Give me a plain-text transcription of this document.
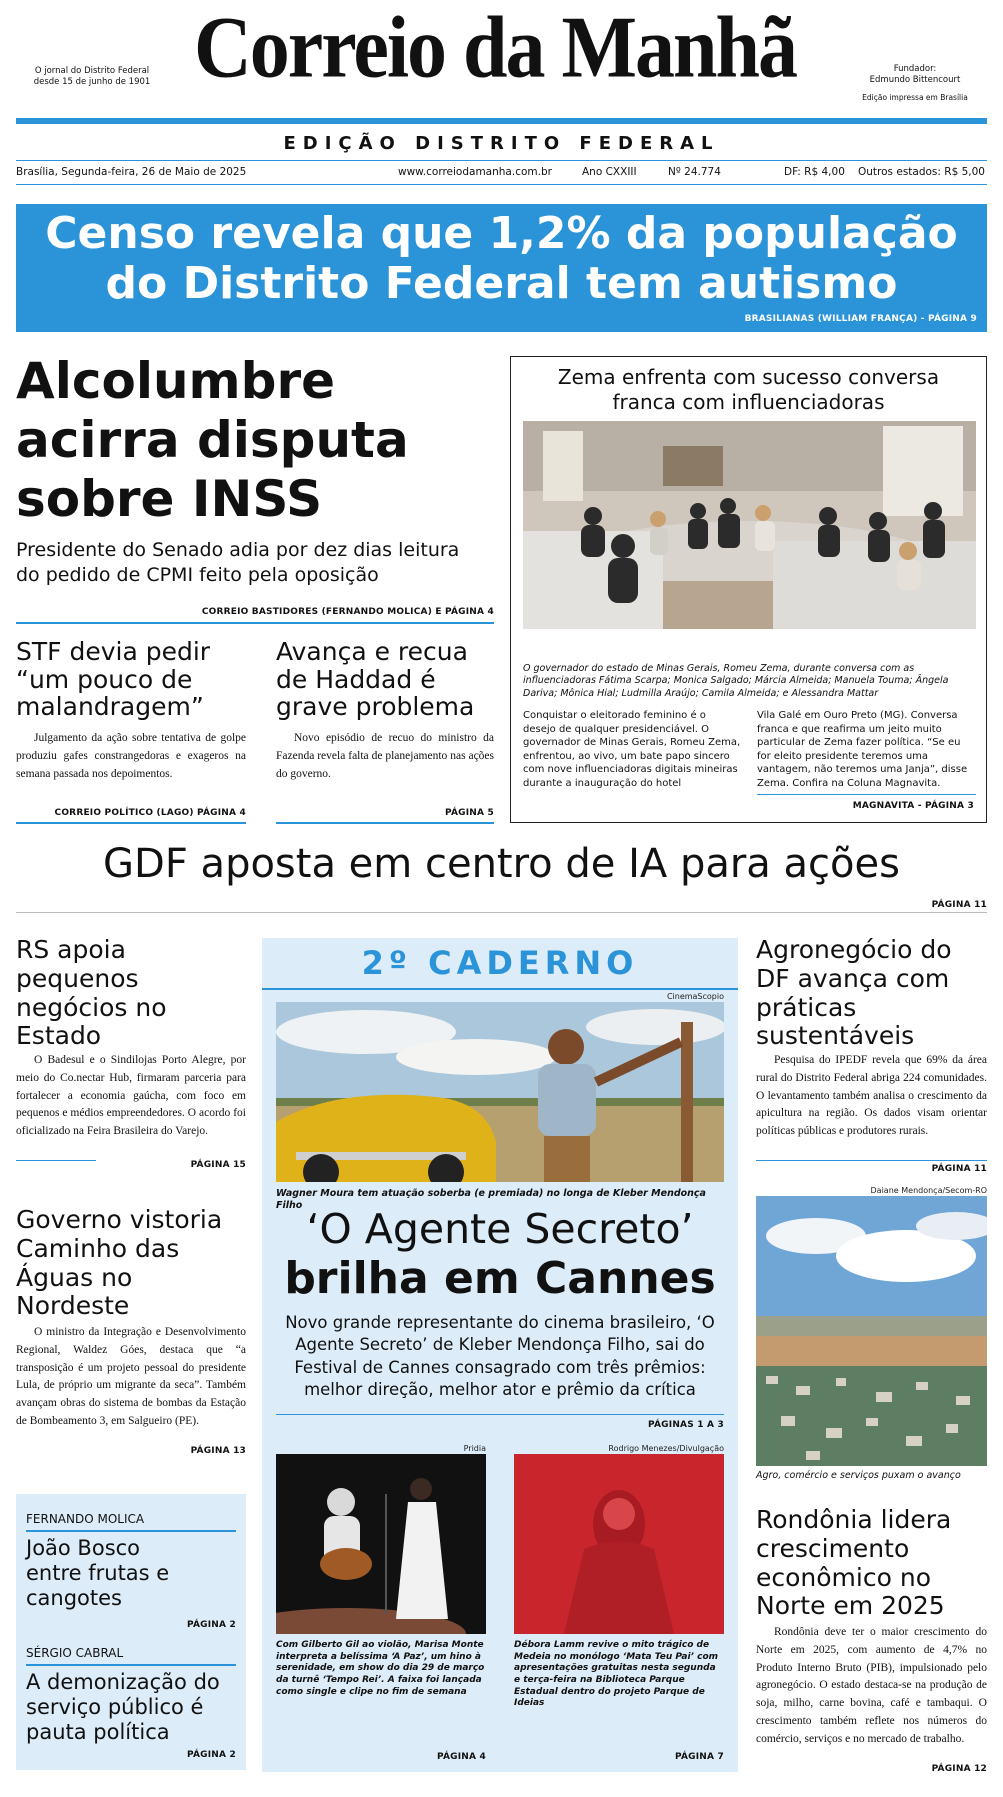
O jornal do Distrito Federal
desde 15 de junho de 1901 Correio da Manhã	Fundador:
Edmundo Bittencourt
Edição impressa em Brasília
EDIÇÃO DISTRITO FEDERAL
Brasília, Segunda-feira, 26 de Maio de 2025	www.correiodamanha.com.br	Ano CXXIII	Nº 24.774	DF: R$ 4,00 Outros estados: R$ 5,00
Censo revela que 1,2% da população
do Distrito Federal tem autismo
BRASILIANAS (WILLIAM FRANÇA) - PÁGINA 9
Alcolumbre
acirra disputa
sobre INSS
Presidente do Senado adia por dez dias leitura do pedido de CPMI feito pela oposição
CORREIO BASTIDORES (FERNANDO MOLICA) E PÁGINA 4
STF devia pedir “um pouco de malandragem”
Julgamento da ação sobre tentativa de golpe produziu gafes constrangedoras e exageros na semana passada nos depoimentos.
CORREIO POLÍTICO (LAGO) PÁGINA 4
Avança e recua de Haddad é grave problema
Novo episódio de recuo do ministro da Fazenda revela falta de planejamento nas ações do governo.
PÁGINA 5
Zema enfrenta com sucesso conversa franca com influenciadoras
O governador do estado de Minas Gerais, Romeu Zema, durante conversa com as influenciadoras Fátima Scarpa; Monica Salgado; Márcia Almeida; Manuela Touma; Ângela Dariva; Mônica Hial; Ludmilla Araújo; Camila Almeida; e Alessandra Mattar
Conquistar o eleitorado feminino é o desejo de qualquer presidenciável. O governador de Minas Gerais, Romeu Zema, enfrentou, ao vivo, um bate papo sincero com nove influenciadoras digitais mineiras durante a inauguração do hotel
Vila Galé em Ouro Preto (MG). Conversa franca e que reafirma um jeito muito particular de Zema fazer política. “Se eu for eleito presidente teremos uma vantagem, não teremos uma Janja”, disse Zema. Confira na Coluna Magnavita.
MAGNAVITA - PÁGINA 3
GDF aposta em centro de IA para ações
PÁGINA 11
RS apoia pequenos negócios no Estado
O Badesul e o Sindilojas Porto Alegre, por meio do Co.nectar Hub, firmaram parceria para fortalecer a economia gaúcha, com foco em pequenos e médios empreendedores. O acordo foi oficializado na Feira Brasileira do Varejo.
PÁGINA 15
Governo vistoria Caminho das Águas no Nordeste
O ministro da Integração e Desenvolvimento Regional, Waldez Góes, destaca que “a transposição é um projeto pessoal do presidente Lula, de próprio um migrante da seca”. Também avançam obras do sistema de bombas da Estação de Bombeamento 3, em Salgueiro (PE).
PÁGINA 13
FERNANDO MOLICA
João Bosco entre frutas e cangotes
PÁGINA 2
SÉRGIO CABRAL
A demonização do serviço público é pauta política
PÁGINA 2
2º CADERNO
CinemaScopio
Wagner Moura tem atuação soberba (e premiada) no longa de Kleber Mendonça Filho ‘O Agente Secreto’
brilha em Cannes
Novo grande representante do cinema brasileiro, ‘O Agente Secreto’ de Kleber Mendonça Filho, sai do Festival de Cannes consagrado com três prêmios: melhor direção, melhor ator e prêmio da crítica
PÁGINAS 1 A 3
Pridia
Com Gilberto Gil ao violão, Marisa Monte interpreta a belíssima ‘A Paz’, um hino à serenidade, em show do dia 29 de março da turnê ‘Tempo Rei’. A faixa foi lançada como single e clipe no fim de semana
PÁGINA 4
Rodrigo Menezes/Divulgação
Débora Lamm revive o mito trágico de Medeia no monólogo ‘Mata Teu Pai’ com apresentações gratuitas nesta segunda e terça-feira na Biblioteca Parque Estadual dentro do projeto Parque de Ideias
PÁGINA 7
Agronegócio do DF avança com práticas sustentáveis
Pesquisa do IPEDF revela que 69% da área rural do Distrito Federal abriga 224 comunidades. O levantamento também analisa o crescimento da apicultura na região. Os dados visam orientar políticas públicas e produtores rurais.
PÁGINA 11
Daiane Mendonça/Secom-RO
Agro, comércio e serviços puxam o avanço
Rondônia lidera crescimento econômico no Norte em 2025
Rondônia deve ter o maior crescimento do Norte em 2025, com aumento de 4,7% no Produto Interno Bruto (PIB), impulsionado pelo agronegócio. O estado destaca-se na produção de soja, milho, carne bovina, café e tambaqui. O crescimento também reflete nos números do comércio, serviços e no mercado de trabalho.
PÁGINA 12
